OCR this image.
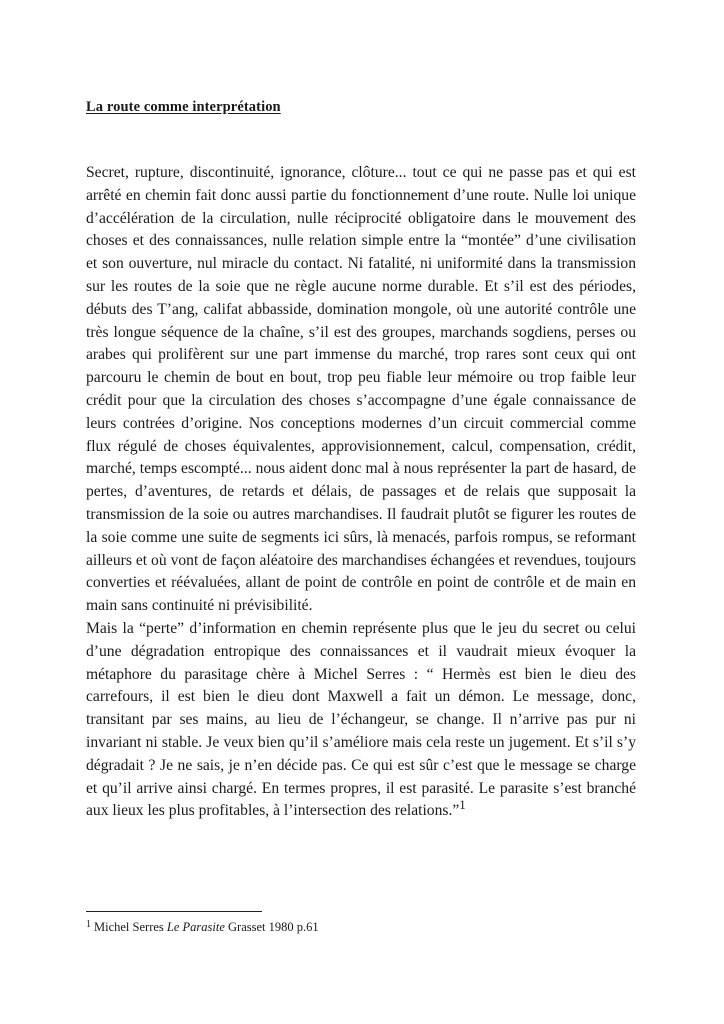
La route comme interprétation

Secret, rupture, discontinuité, ignorance, clôture... tout ce qui ne passe pas et qui est arrêté en chemin fait donc aussi partie du fonctionnement d’une route. Nulle loi unique d’accélération de la circulation, nulle réciprocité obligatoire dans le mouvement des choses et des connaissances, nulle relation simple entre la “montée” d’une civilisation et son ouverture, nul miracle du contact. Ni fatalité, ni uniformité dans la transmission sur les routes de la soie que ne règle aucune norme durable. Et s’il est des périodes, débuts des T’ang, califat abbasside, domination mongole, où une autorité contrôle une très longue séquence de la chaîne, s’il est des groupes, marchands sogdiens, perses ou arabes qui prolifèrent sur une part immense du marché, trop rares sont ceux qui ont parcouru le chemin de bout en bout, trop peu fiable leur mémoire ou trop faible leur crédit pour que la circulation des choses s’accompagne d’une égale connaissance de leurs contrées d’origine. Nos conceptions modernes d’un circuit commercial comme flux régulé de choses équivalentes, approvisionnement, calcul, compensation, crédit, marché, temps escompté... nous aident donc mal à nous représenter la part de hasard, de pertes, d’aventures, de retards et délais, de passages et de relais que supposait la transmission de la soie ou autres marchandises. Il faudrait plutôt se figurer les routes de la soie comme une suite de segments ici sûrs, là menacés, parfois rompus, se reformant ailleurs et où vont de façon aléatoire des marchandises échangées et revendues, toujours converties et réévaluées, allant de point de contrôle en point de contrôle et de main en main sans continuité ni prévisibilité.

Mais la “perte” d’information en chemin représente plus que le jeu du secret ou celui d’une dégradation entropique des connaissances et il vaudrait mieux évoquer la métaphore du parasitage chère à Michel Serres : “ Hermès est bien le dieu des carrefours, il est bien le dieu dont Maxwell a fait un démon. Le message, donc, transitant par ses mains, au lieu de l’échangeur, se change. Il n’arrive pas pur ni invariant ni stable. Je veux bien qu’il s’améliore mais cela reste un jugement. Et s’il s’y dégradait ? Je ne sais, je n’en décide pas. Ce qui est sûr c’est que le message se charge et qu’il arrive ainsi chargé. En termes propres, il est parasité. Le parasite s’est branché aux lieux les plus profitables, à l’intersection des relations.”$^1$

$^1$ Michel Serres Le Parasite Grasset 1980 p.61
